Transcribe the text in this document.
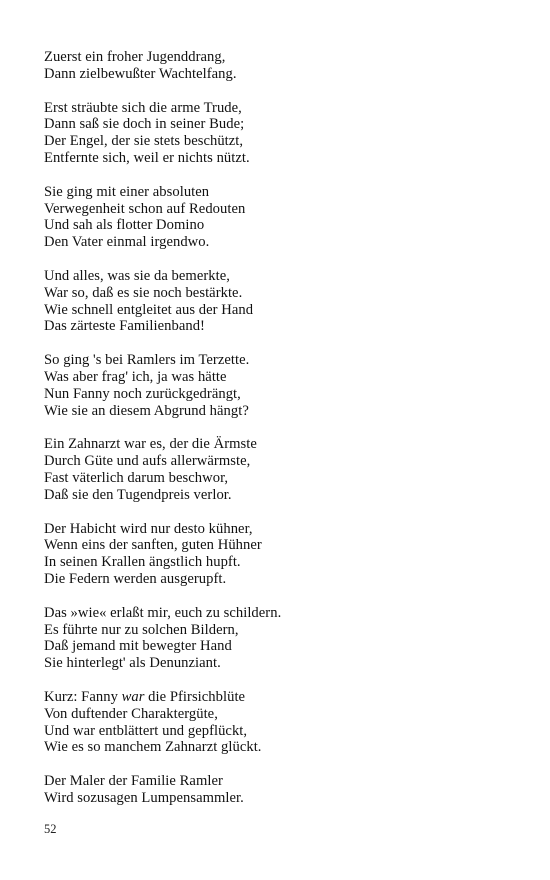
Zuerst ein froher Jugenddrang,
Dann zielbewußter Wachtelfang.
Erst sträubte sich die arme Trude,
Dann saß sie doch in seiner Bude;
Der Engel, der sie stets beschützt,
Entfernte sich, weil er nichts nützt.
Sie ging mit einer absoluten
Verwegenheit schon auf Redouten
Und sah als flotter Domino
Den Vater einmal irgendwo.
Und alles, was sie da bemerkte,
War so, daß es sie noch bestärkte.
Wie schnell entgleitet aus der Hand
Das zärteste Familienband!
So ging 's bei Ramlers im Terzette.
Was aber frag' ich, ja was hätte
Nun Fanny noch zurückgedrängt,
Wie sie an diesem Abgrund hängt?
Ein Zahnarzt war es, der die Ärmste
Durch Güte und aufs allerwärmste,
Fast väterlich darum beschwor,
Daß sie den Tugendpreis verlor.
Der Habicht wird nur desto kühner,
Wenn eins der sanften, guten Hühner
In seinen Krallen ängstlich hupft.
Die Federn werden ausgerupft.
Das »wie« erlaßt mir, euch zu schildern.
Es führte nur zu solchen Bildern,
Daß jemand mit bewegter Hand
Sie hinterlegt' als Denunziant.
Kurz: Fanny war die Pfirsichblüte
Von duftender Charaktergüte,
Und war entblättert und gepflückt,
Wie es so manchem Zahnarzt glückt.
Der Maler der Familie Ramler
Wird sozusagen Lumpensammler.
52
